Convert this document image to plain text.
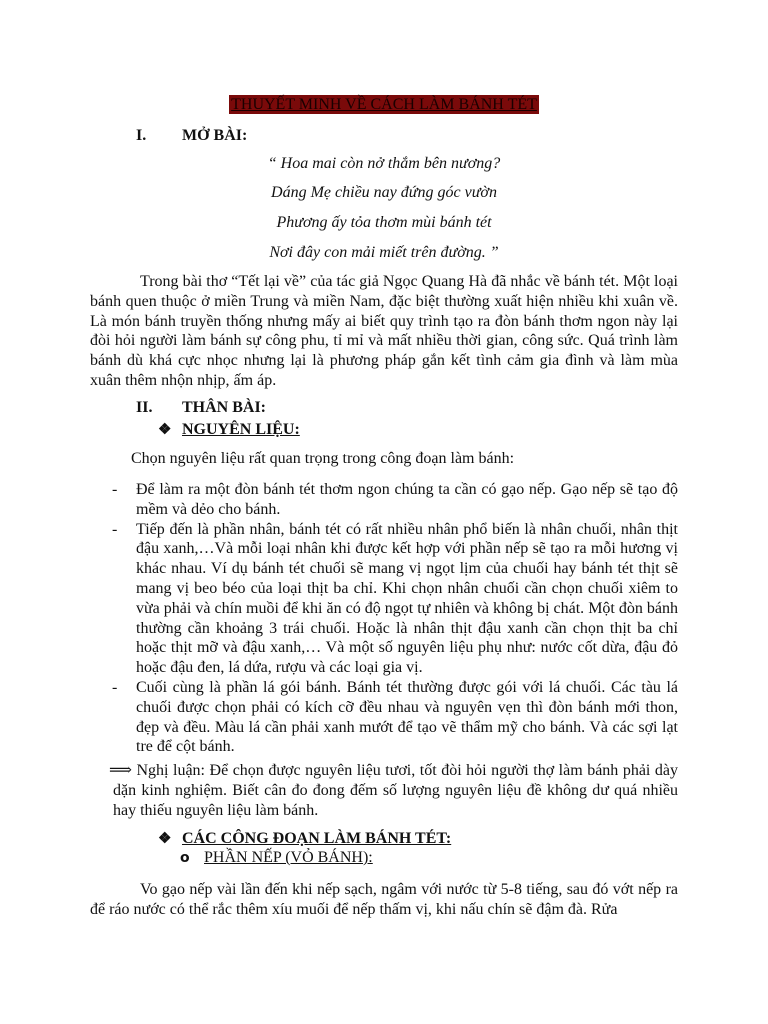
THUYẾT MINH VỀ CÁCH LÀM BÁNH TÉT
I. MỞ BÀI:
“ Hoa mai còn nở thắm bên nương?
Dáng Mẹ chiều nay đứng góc vườn
Phương ấy tỏa thơm mùi bánh tét
Nơi đây con mải miết trên đường. ”
Trong bài thơ “Tết lại về” của tác giả Ngọc Quang Hà đã nhắc về bánh tét. Một loại bánh quen thuộc ở miền Trung và miền Nam, đặc biệt thường xuất hiện nhiều khi xuân về. Là món bánh truyền thống nhưng mấy ai biết quy trình tạo ra đòn bánh thơm ngon này lại đòi hỏi người làm bánh sự công phu, tỉ mỉ và mất nhiều thời gian, công sức. Quá trình làm bánh dù khá cực nhọc nhưng lại là phương pháp gắn kết tình cảm gia đình và làm mùa xuân thêm nhộn nhịp, ấm áp.
II. THÂN BÀI:
❖ NGUYÊN LIỆU:
Chọn nguyên liệu rất quan trọng trong công đoạn làm bánh:
- Để làm ra một đòn bánh tét thơm ngon chúng ta cần có gạo nếp. Gạo nếp sẽ tạo độ mềm và dẻo cho bánh.
- Tiếp đến là phần nhân, bánh tét có rất nhiều nhân phổ biến là nhân chuối, nhân thịt đậu xanh,…Và mỗi loại nhân khi được kết hợp với phần nếp sẽ tạo ra mỗi hương vị khác nhau. Ví dụ bánh tét chuối sẽ mang vị ngọt lịm của chuối hay bánh tét thịt sẽ mang vị beo béo của loại thịt ba chỉ. Khi chọn nhân chuối cần chọn chuối xiêm to vừa phải và chín muồi để khi ăn có độ ngọt tự nhiên và không bị chát. Một đòn bánh thường cần khoảng 3 trái chuối. Hoặc là nhân thịt đậu xanh cần chọn thịt ba chỉ hoặc thịt mỡ và đậu xanh,… Và một số nguyên liệu phụ như: nước cốt dừa, đậu đỏ hoặc đậu đen, lá dứa, rượu và các loại gia vị.
- Cuối cùng là phần lá gói bánh. Bánh tét thường được gói với lá chuối. Các tàu lá chuối được chọn phải có kích cỡ đều nhau và nguyên vẹn thì đòn bánh mới thon, đẹp và đều. Màu lá cần phải xanh mướt để tạo vẽ thẩm mỹ cho bánh. Và các sợi lạt tre để cột bánh.
⟹ Nghị luận: Để chọn được nguyên liệu tươi, tốt đòi hỏi người thợ làm bánh phải dày dặn kinh nghiệm. Biết cân đo đong đếm số lượng nguyên liệu đề không dư quá nhiều hay thiếu nguyên liệu làm bánh.
❖ CÁC CÔNG ĐOẠN LÀM BÁNH TÉT:
o PHẦN NẾP (VỎ BÁNH):
Vo gạo nếp vài lần đến khi nếp sạch, ngâm với nước từ 5-8 tiếng, sau đó vớt nếp ra để ráo nước có thể rắc thêm xíu muối để nếp thấm vị, khi nấu chín sẽ đậm đà. Rửa
